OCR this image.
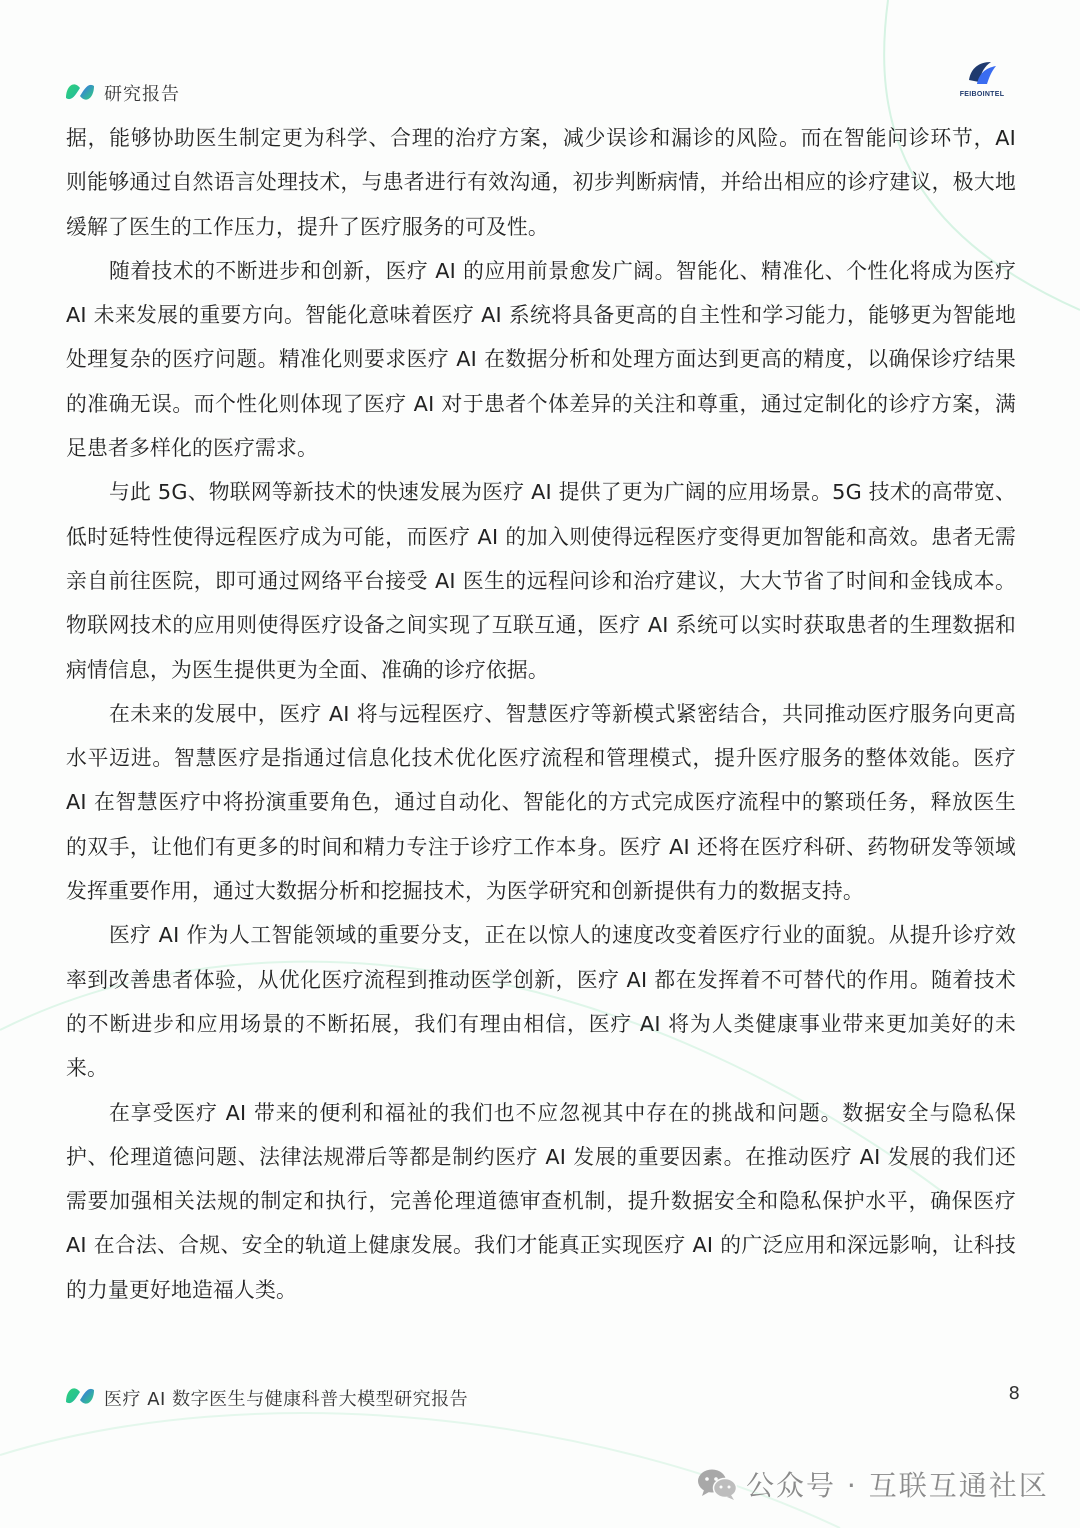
研究报告	FEIBOINTEL

据，能够协助医生制定更为科学、合理的治疗方案，减少误诊和漏诊的风险。而在智能问诊环节，AI 则能够通过自然语言处理技术，与患者进行有效沟通，初步判断病情，并给出相应的诊疗建议，极大地缓解了医生的工作压力，提升了医疗服务的可及性。

随着技术的不断进步和创新，医疗 AI 的应用前景愈发广阔。智能化、精准化、个性化将成为医疗 AI 未来发展的重要方向。智能化意味着医疗 AI 系统将具备更高的自主性和学习能力，能够更为智能地处理复杂的医疗问题。精准化则要求医疗 AI 在数据分析和处理方面达到更高的精度，以确保诊疗结果的准确无误。而个性化则体现了医疗 AI 对于患者个体差异的关注和尊重，通过定制化的诊疗方案，满足患者多样化的医疗需求。

与此 5G、物联网等新技术的快速发展为医疗 AI 提供了更为广阔的应用场景。5G 技术的高带宽、低时延特性使得远程医疗成为可能，而医疗 AI 的加入则使得远程医疗变得更加智能和高效。患者无需亲自前往医院，即可通过网络平台接受 AI 医生的远程问诊和治疗建议，大大节省了时间和金钱成本。物联网技术的应用则使得医疗设备之间实现了互联互通，医疗 AI 系统可以实时获取患者的生理数据和病情信息，为医生提供更为全面、准确的诊疗依据。

在未来的发展中，医疗 AI 将与远程医疗、智慧医疗等新模式紧密结合，共同推动医疗服务向更高水平迈进。智慧医疗是指通过信息化技术优化医疗流程和管理模式，提升医疗服务的整体效能。医疗 AI 在智慧医疗中将扮演重要角色，通过自动化、智能化的方式完成医疗流程中的繁琐任务，释放医生的双手，让他们有更多的时间和精力专注于诊疗工作本身。医疗 AI 还将在医疗科研、药物研发等领域发挥重要作用，通过大数据分析和挖掘技术，为医学研究和创新提供有力的数据支持。

医疗 AI 作为人工智能领域的重要分支，正在以惊人的速度改变着医疗行业的面貌。从提升诊疗效率到改善患者体验，从优化医疗流程到推动医学创新，医疗 AI 都在发挥着不可替代的作用。随着技术的不断进步和应用场景的不断拓展，我们有理由相信，医疗 AI 将为人类健康事业带来更加美好的未来。

在享受医疗 AI 带来的便利和福祉的我们也不应忽视其中存在的挑战和问题。数据安全与隐私保护、伦理道德问题、法律法规滞后等都是制约医疗 AI 发展的重要因素。在推动医疗 AI 发展的我们还需要加强相关法规的制定和执行，完善伦理道德审查机制，提升数据安全和隐私保护水平，确保医疗 AI 在合法、合规、安全的轨道上健康发展。我们才能真正实现医疗 AI 的广泛应用和深远影响，让科技的力量更好地造福人类。

医疗 AI 数字医生与健康科普大模型研究报告	8
公众号 · 互联互通社区
